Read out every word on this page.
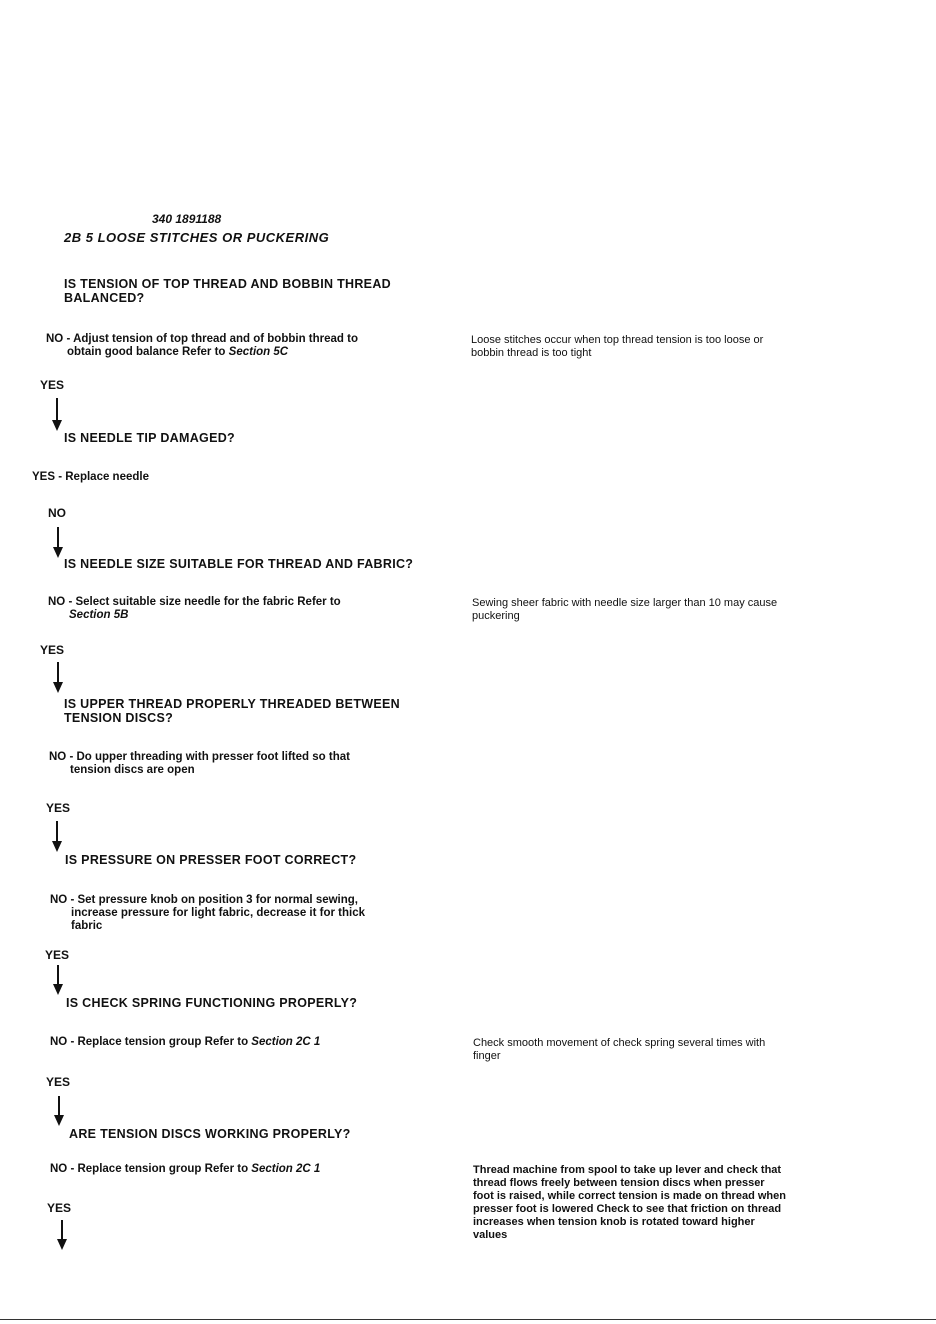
340 1891188
2B 5 LOOSE STITCHES OR PUCKERING
IS TENSION OF TOP THREAD AND BOBBIN THREAD
BALANCED?
NO - Adjust tension of top thread and of bobbin thread to
obtain good balance Refer to Section 5C
Loose stitches occur when top thread tension is too loose or bobbin thread is too tight
YES
IS NEEDLE TIP DAMAGED?
YES - Replace needle
NO
IS NEEDLE SIZE SUITABLE FOR THREAD AND FABRIC?
NO - Select suitable size needle for the fabric Refer to
Section 5B
Sewing sheer fabric with needle size larger than 10 may cause puckering
YES
IS UPPER THREAD PROPERLY THREADED BETWEEN
TENSION DISCS?
NO - Do upper threading with presser foot lifted so that
tension discs are open
YES
IS PRESSURE ON PRESSER FOOT CORRECT?
NO - Set pressure knob on position 3 for normal sewing,
increase pressure for light fabric, decrease it for thick
fabric
YES
IS CHECK SPRING FUNCTIONING PROPERLY?
NO - Replace tension group Refer to Section 2C 1	Check smooth movement of check spring several times with finger
YES
ARE TENSION DISCS WORKING PROPERLY?
NO - Replace tension group Refer to Section 2C 1	Thread machine from spool to take up lever and check that thread flows freely between tension discs when presser foot is raised, while correct tension is made on thread when presser foot is lowered Check to see that friction on thread increases when tension knob is rotated toward higher values
YES
